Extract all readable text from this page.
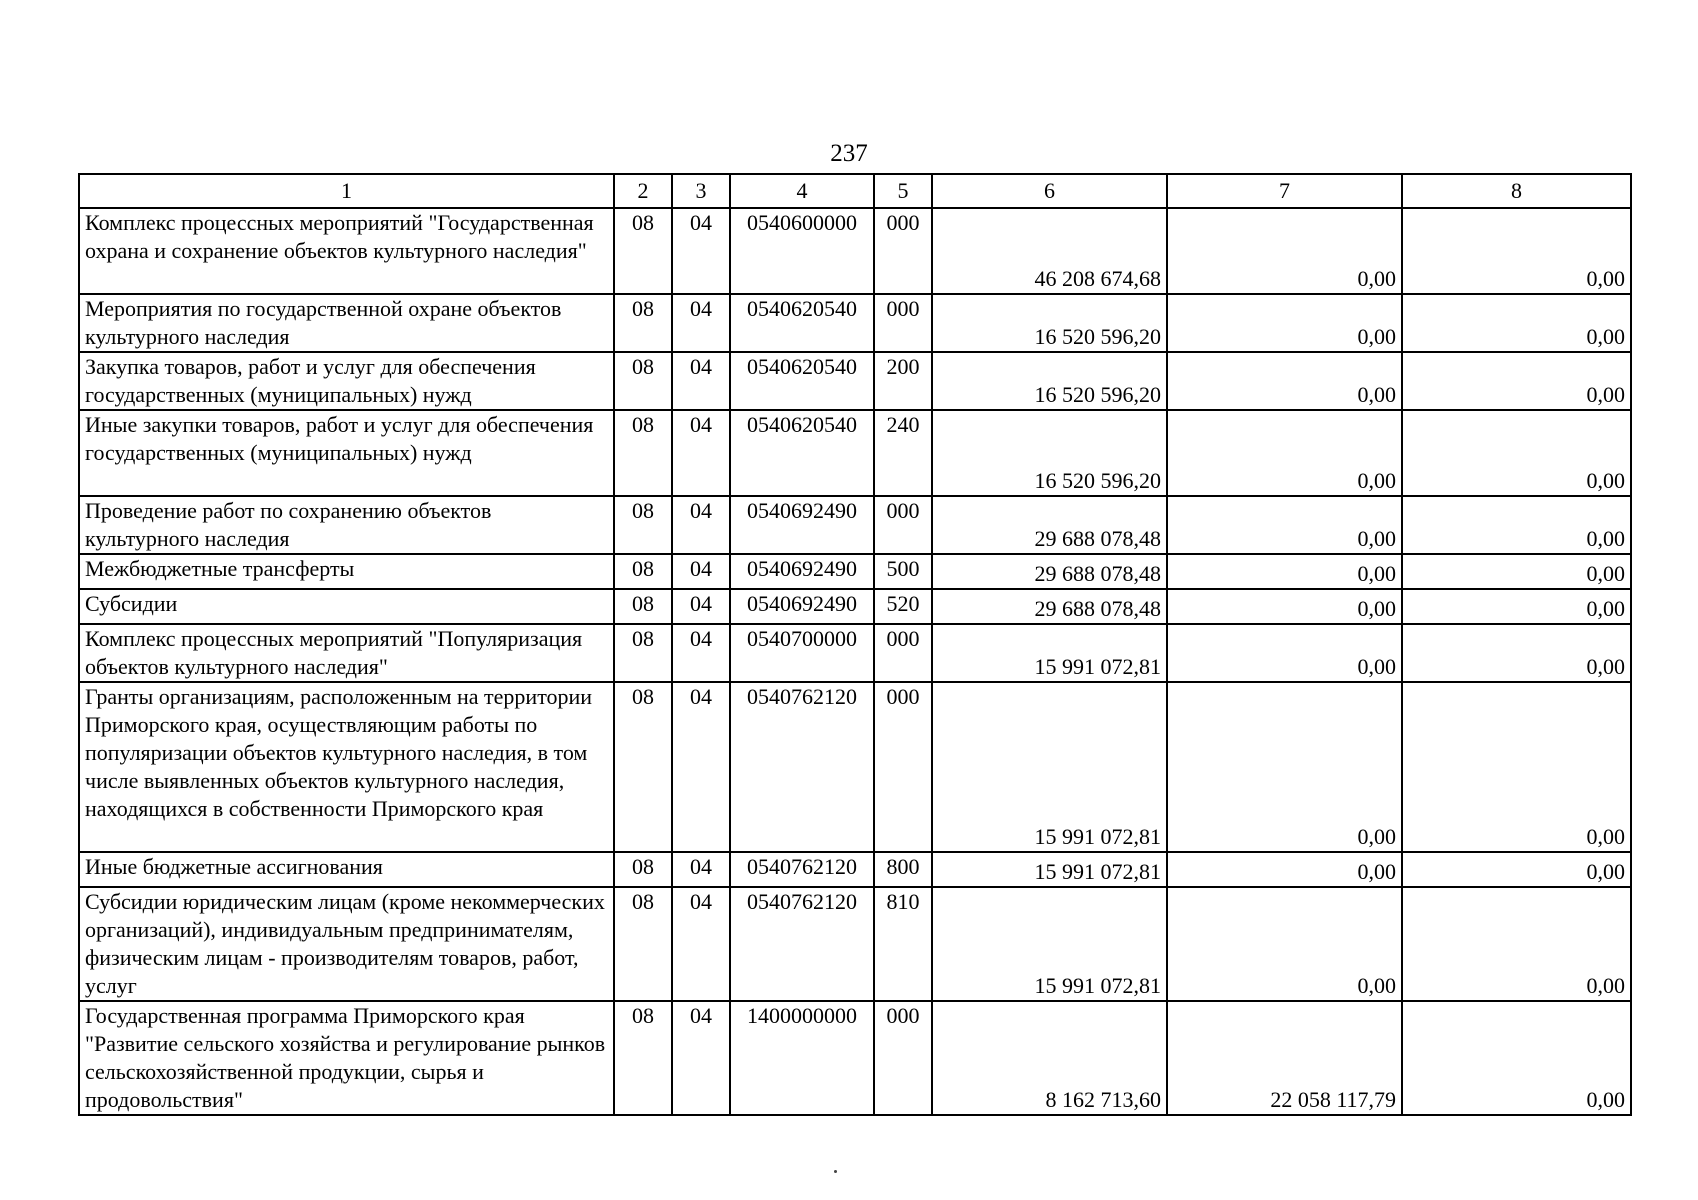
237
1	2	3	4	5	6	7	8
Комплекс процессных мероприятий "Государственная охрана и сохранение объектов культурного наследия"	08	04	0540600000	000	46 208 674,68	0,00	0,00
Мероприятия по государственной охране объектов культурного наследия	08	04	0540620540	000	16 520 596,20	0,00	0,00
Закупка товаров, работ и услуг для обеспечения государственных (муниципальных) нужд	08	04	0540620540	200	16 520 596,20	0,00	0,00
Иные закупки товаров, работ и услуг для обеспечения государственных (муниципальных) нужд	08	04	0540620540	240	16 520 596,20	0,00	0,00
Проведение работ по сохранению объектов культурного наследия	08	04	0540692490	000	29 688 078,48	0,00	0,00
Межбюджетные трансферты	08	04	0540692490	500	29 688 078,48	0,00	0,00
Субсидии	08	04	0540692490	520	29 688 078,48	0,00	0,00
Комплекс процессных мероприятий "Популяризация объектов культурного наследия"	08	04	0540700000	000	15 991 072,81	0,00	0,00
Гранты организациям, расположенным на территории Приморского края, осуществляющим работы по популяризации объектов культурного наследия, в том числе выявленных объектов культурного наследия, находящихся в собственности Приморского края	08	04	0540762120	000	15 991 072,81	0,00	0,00
Иные бюджетные ассигнования	08	04	0540762120	800	15 991 072,81	0,00	0,00
Субсидии юридическим лицам (кроме некоммерческих организаций), индивидуальным предпринимателям, физическим лицам - производителям товаров, работ, услуг	08	04	0540762120	810	15 991 072,81	0,00	0,00
Государственная программа Приморского края "Развитие сельского хозяйства и регулирование рынков сельскохозяйственной продукции, сырья и продовольствия"	08	04	1400000000	000	8 162 713,60	22 058 117,79	0,00
